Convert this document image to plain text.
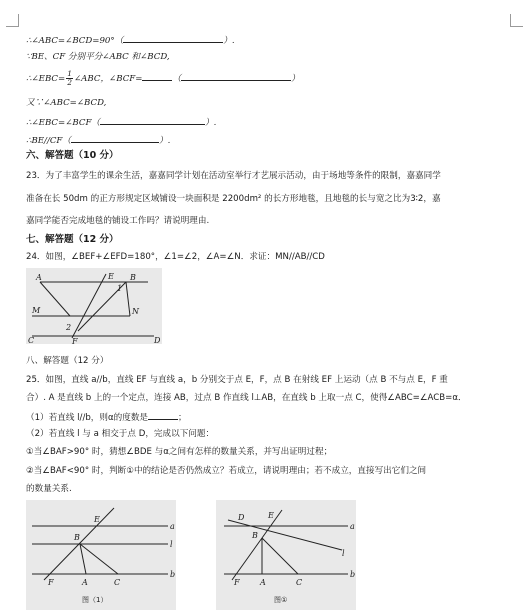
∴∠ABC=∠BCD=90°（	）.
∵BE、CF 分别平分∠ABC 和∠BCD,
∴∠EBC= $\frac{1}{2}$ ∠ABC，∠BCF=	（	）
又∵∠ABC=∠BCD,
∴∠EBC=∠BCF（	）.
∴BE//CF（	）.
六、解答题（10 分）
23．为了丰富学生的课余生活，嘉嘉同学计划在活动室举行才艺展示活动，由于场地等条件的限制，嘉嘉同学
准备在长 50dm 的正方形规定区域铺设一块面积是 2200dm² 的长方形地毯，且地毯的长与宽之比为3∶2，嘉
嘉同学能否完成地毯的铺设工作吗？请说明理由.
七、解答题（12 分）
24．如图，∠BEF+∠EFD=180°，∠1=∠2，∠A=∠N．求证：MN//AB//CD
A	E B
1
M	N
2
C	F	D
八、解答题（12 分）
25．如图，直线 a//b，直线 EF 与直线 a，b 分别交于点 E，F，点 B 在射线 EF 上运动（点 B 不与点 E，F 重
合）. A 是直线 b 上的一个定点，连接 AB，过点 B 作直线 l⊥AB，在直线 b 上取一点 C，使得∠ABC=∠ACB=α．
（1）若直线 l//b，则α的度数是	；
（2）若直线 l 与 a 相交于点 D，完成以下问题：
①当∠BAF>90° 时，猜想∠BDE 与α之间有怎样的数量关系，并写出证明过程；
②当∠BAF<90° 时，判断①中的结论是否仍然成立？若成立，请说明理由；若不成立，直接写出它们之间
的数量关系.
E
a
B
l
F	A	C
b
图（1）
D	E
a
B
l
F	A	C
b
图①
